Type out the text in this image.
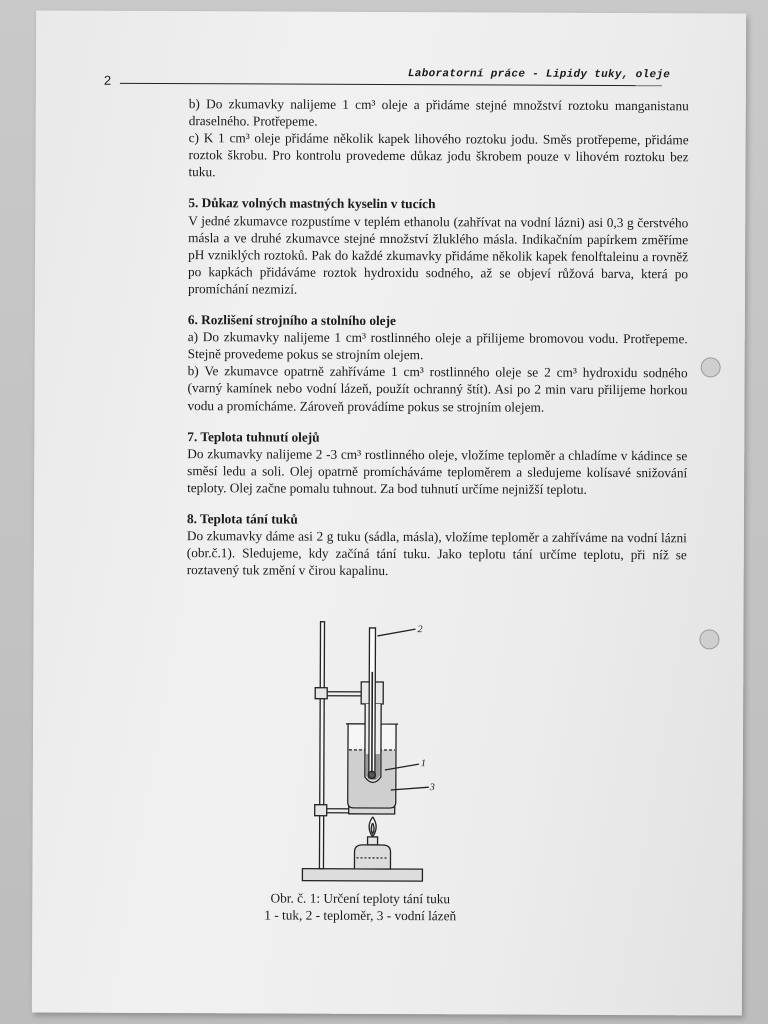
2	Laboratorní práce - Lipidy tuky, oleje

b) Do zkumavky nalijeme 1 cm³ oleje a přidáme stejné množství roztoku manganistanu draselného. Protřepeme.

c) K 1 cm³ oleje přidáme několik kapek lihového roztoku jodu. Směs protřepeme, přidáme roztok škrobu. Pro kontrolu provedeme důkaz jodu škrobem pouze v lihovém roztoku bez tuku.

5. Důkaz volných mastných kyselin v tucích

V jedné zkumavce rozpustíme v teplém ethanolu (zahřívat na vodní lázni) asi 0,3 g čerstvého másla a ve druhé zkumavce stejné množství žluklého másla. Indikačním papírkem změříme pH vzniklých roztoků. Pak do každé zkumavky přidáme několik kapek fenolftaleinu a rovněž po kapkách přidáváme roztok hydroxidu sodného, až se objeví růžová barva, která po promíchání nezmizí.

6. Rozlišení strojního a stolního oleje

a) Do zkumavky nalijeme 1 cm³ rostlinného oleje a přilijeme bromovou vodu. Protřepeme. Stejně provedeme pokus se strojním olejem.

b) Ve zkumavce opatrně zahříváme 1 cm³ rostlinného oleje se 2 cm³ hydroxidu sodného (varný kamínek nebo vodní lázeň, použít ochranný štít). Asi po 2 min varu přilijeme horkou vodu a promícháme. Zároveň provádíme pokus se strojním olejem.

7. Teplota tuhnutí olejů

Do zkumavky nalijeme 2 -3 cm³ rostlinného oleje, vložíme teploměr a chladíme v kádince se směsí ledu a soli. Olej opatrně promícháváme teploměrem a sledujeme kolísavé snižování teploty. Olej začne pomalu tuhnout. Za bod tuhnutí určíme nejnižší teplotu.

8. Teplota tání tuků

Do zkumavky dáme asi 2 g tuku (sádla, másla), vložíme teploměr a zahříváme na vodní lázni (obr.č.1). Sledujeme, kdy začíná tání tuku. Jako teplotu tání určíme teplotu, při níž se roztavený tuk změní v čirou kapalinu.

2
1
3
Obr. č. 1: Určení teploty tání tuku
1 - tuk, 2 - teploměr, 3 - vodní lázeň
